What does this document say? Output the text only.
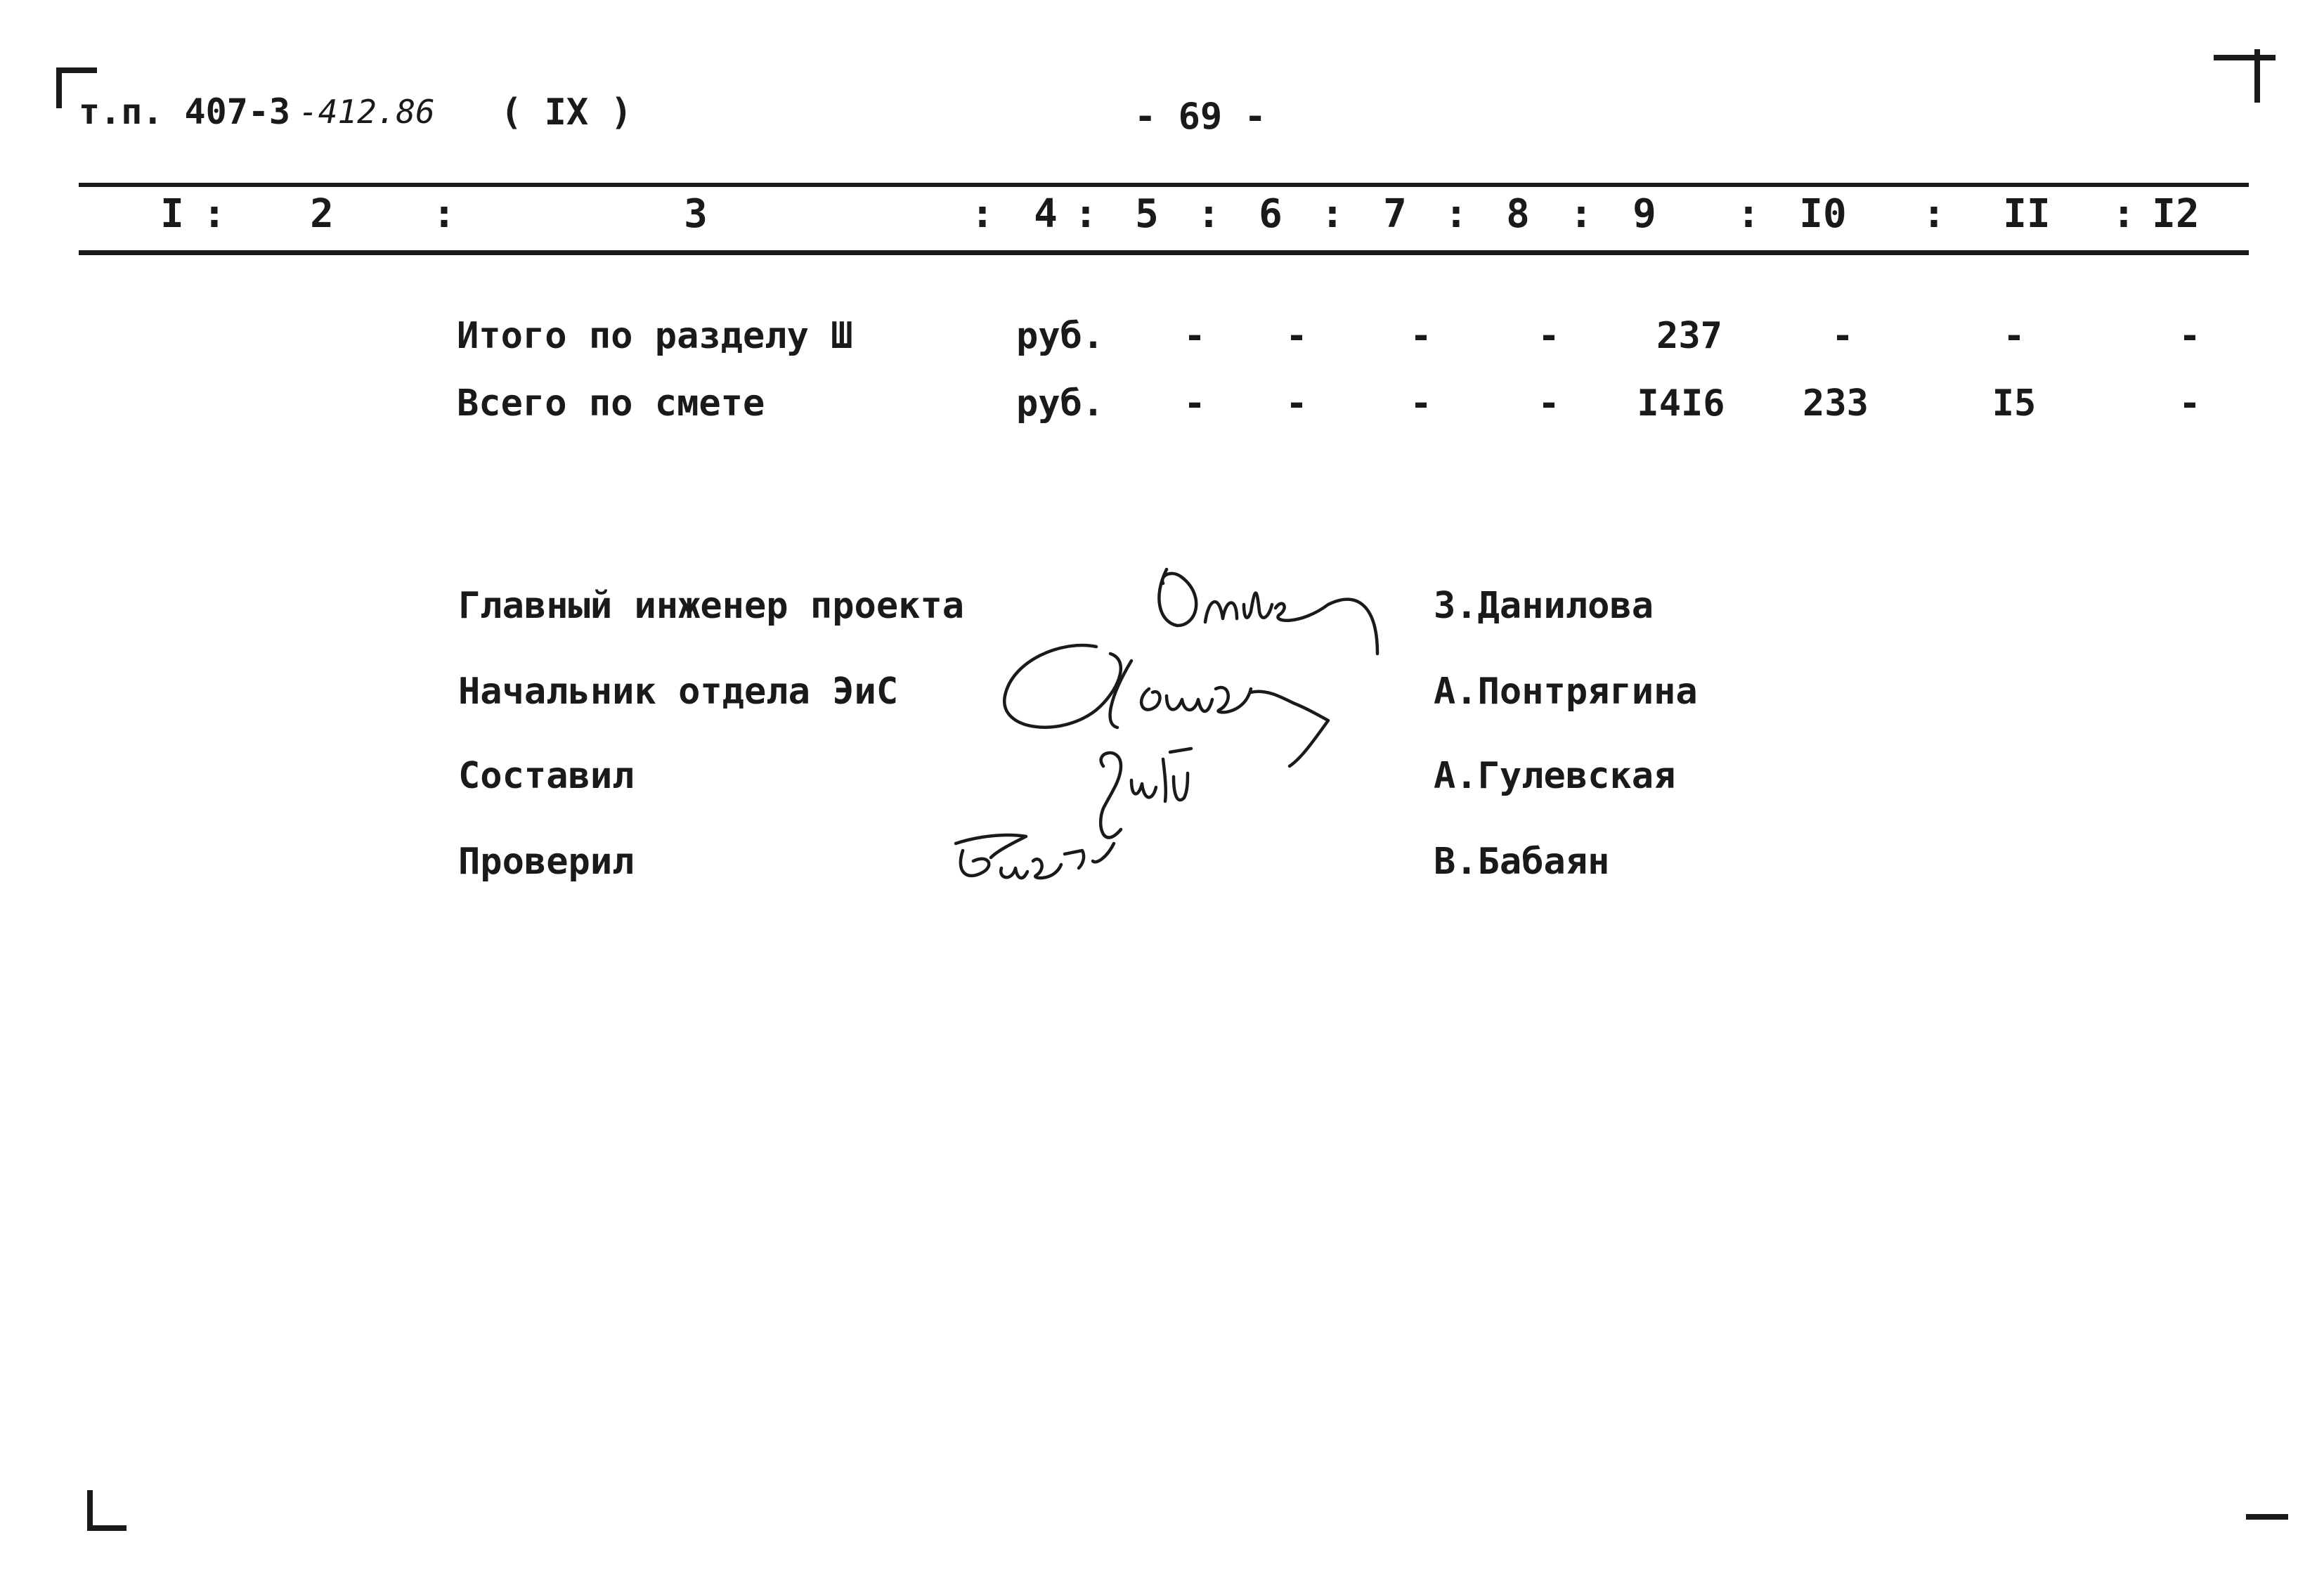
т.п. 407-3 -412.86 ( IX )	- 69 -
I	2	3	4 5	6	7	8	9	I0	II	I2
:	:	: :	:	:	:	:	:	:	:
Итого по разделу Ш	руб. - -	-	-	237	-	-	-
Всего по смете	руб. - -	-	- I4I6 233	I5	-
Главный инженер проекта	З.Данилова
Начальник отдела ЭиС	А.Понтрягина
Составил	А.Гулевская
Проверил	В.Бабаян
